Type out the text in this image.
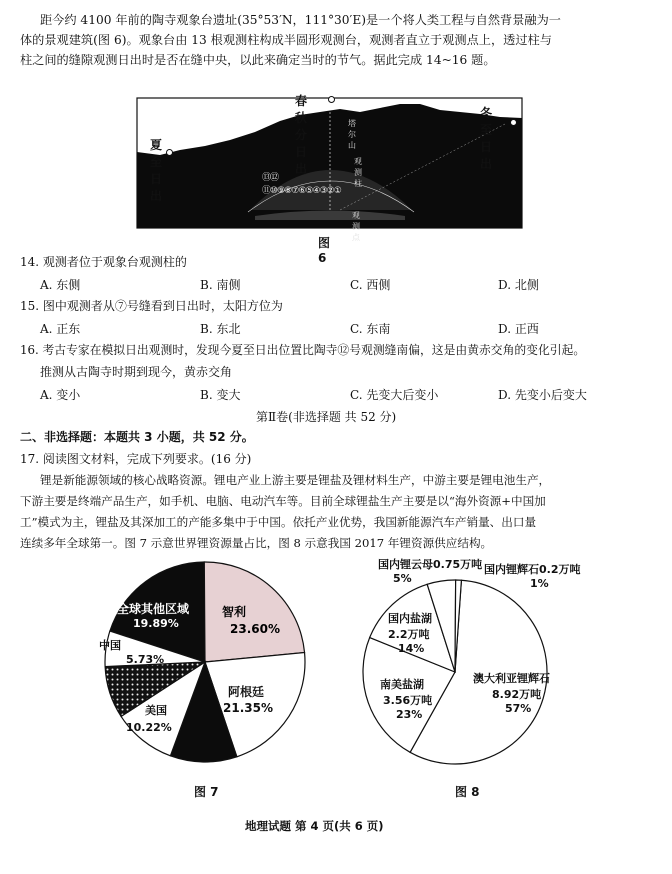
距今约 4100 年前的陶寺观象台遗址(35°53′N，111°30′E)是一个将人类工程与自然背景融为一
体的景观建筑(图 6)。观象台由 13 根观测柱构成半圆形观测台，观测者直立于观测点上，透过柱与
柱之间的缝隙观测日出时是否在缝中央，以此来确定当时的节气。据此完成 14~16 题。
春秋分日出
冬至日出
夏至日出
塔尔山
观测柱
观测点
⑬⑫ ⑪⑩⑨⑧⑦⑥⑤④③②①
图 6
14. 观测者位于观象台观测柱的
A. 东侧	B. 南侧	C. 西侧	D. 北侧
15. 图中观测者从⑦号缝看到日出时，太阳方位为
A. 正东	B. 东北	C. 东南	D. 正西
16. 考古专家在模拟日出观测时，发现今夏至日出位置比陶寺⑫号观测缝南偏，这是由黄赤交角的变化引起。
推测从古陶寺时期到现今，黄赤交角
A. 变小	B. 变大	C. 先变大后变小	D. 先变小后变大
第Ⅱ卷(非选择题 共 52 分)
二、非选择题：本题共 3 小题，共 52 分。
17. 阅读图文材料，完成下列要求。(16 分)
锂是新能源领域的核心战略资源。锂电产业上游主要是锂盐及锂材料生产，中游主要是锂电池生产，
下游主要是终端产品生产，如手机、电脑、电动汽车等。目前全球锂盐生产主要是以“海外资源+中国加
工”模式为主，锂盐及其深加工的产能多集中于中国。依托产业优势，我国新能源汽车产销量、出口量
连续多年全球第一。图 7 示意世界锂资源量占比，图 8 示意我国 2017 年锂资源供应结构。
全球其他区域
19.89%
智利
23.60%
阿根廷
21.35%
中国
5.73%
美国
10.22%
图 7
国内锂云母0.75万吨
5%
国内锂辉石0.2万吨
1%
国内盐湖
2.2万吨
14%
南美盐湖
3.56万吨
23%
澳大利亚锂辉石
8.92万吨
57%
图 8
地理试题 第 4 页(共 6 页)
